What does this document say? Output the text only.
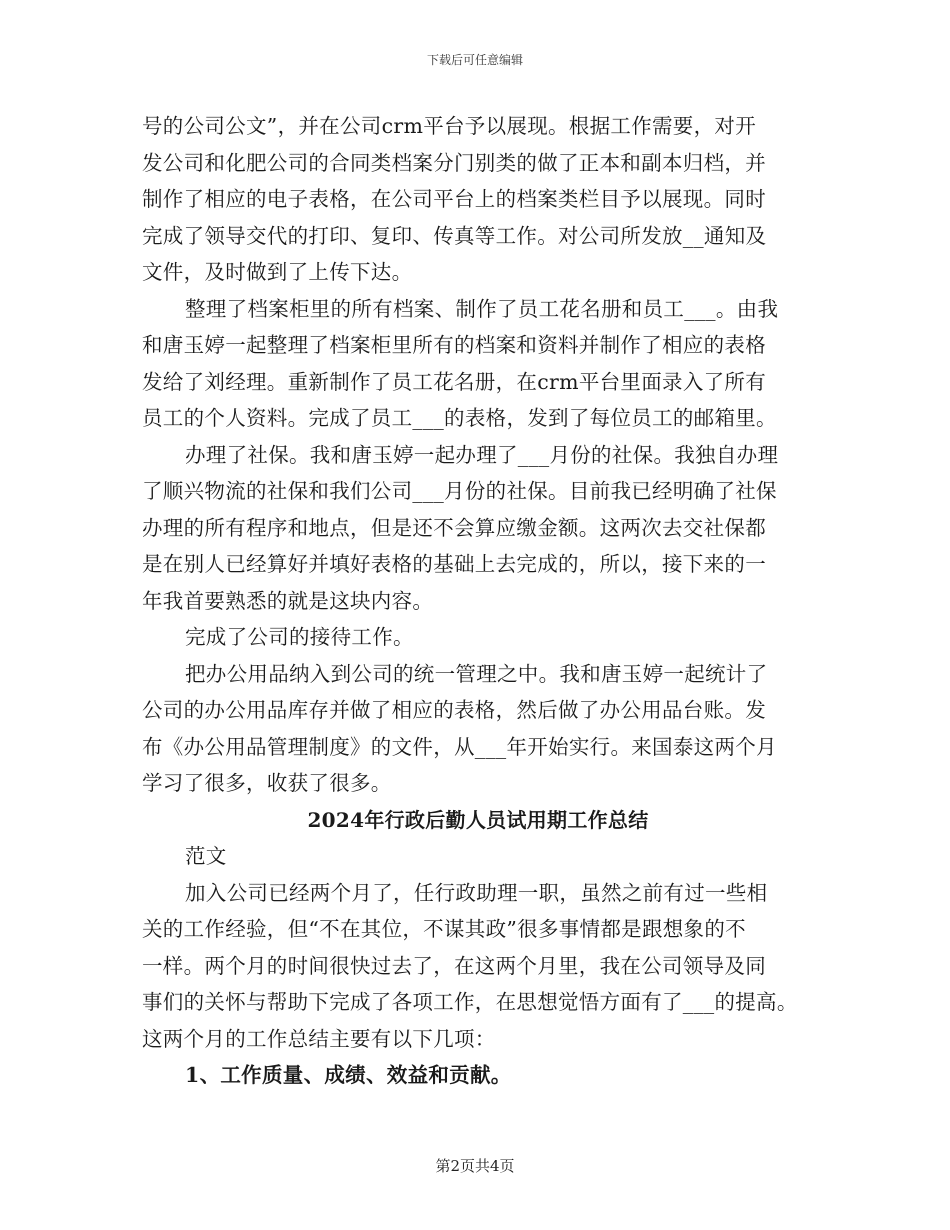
下载后可任意编辑
号的公司公文”，并在公司crm平台予以展现。根据工作需要，对开
发公司和化肥公司的合同类档案分门别类的做了正本和副本归档，并
制作了相应的电子表格，在公司平台上的档案类栏目予以展现。同时
完成了领导交代的打印、复印、传真等工作。对公司所发放__通知及
文件，及时做到了上传下达。
整理了档案柜里的所有档案、制作了员工花名册和员工___。由我
和唐玉婷一起整理了档案柜里所有的档案和资料并制作了相应的表格
发给了刘经理。重新制作了员工花名册，在crm平台里面录入了所有
员工的个人资料。完成了员工___的表格，发到了每位员工的邮箱里。
办理了社保。我和唐玉婷一起办理了___月份的社保。我独自办理
了顺兴物流的社保和我们公司___月份的社保。目前我已经明确了社保
办理的所有程序和地点，但是还不会算应缴金额。这两次去交社保都
是在别人已经算好并填好表格的基础上去完成的，所以，接下来的一
年我首要熟悉的就是这块内容。
完成了公司的接待工作。
把办公用品纳入到公司的统一管理之中。我和唐玉婷一起统计了
公司的办公用品库存并做了相应的表格，然后做了办公用品台账。发
布《办公用品管理制度》的文件，从___年开始实行。来国泰这两个月
学习了很多，收获了很多。
2024年行政后勤人员试用期工作总结
范文
加入公司已经两个月了，任行政助理一职，虽然之前有过一些相
关的工作经验，但“不在其位，不谋其政”很多事情都是跟想象的不
一样。两个月的时间很快过去了，在这两个月里，我在公司领导及同
事们的关怀与帮助下完成了各项工作，在思想觉悟方面有了___的提高。
这两个月的工作总结主要有以下几项：
1、工作质量、成绩、效益和贡献。
第2页共4页
